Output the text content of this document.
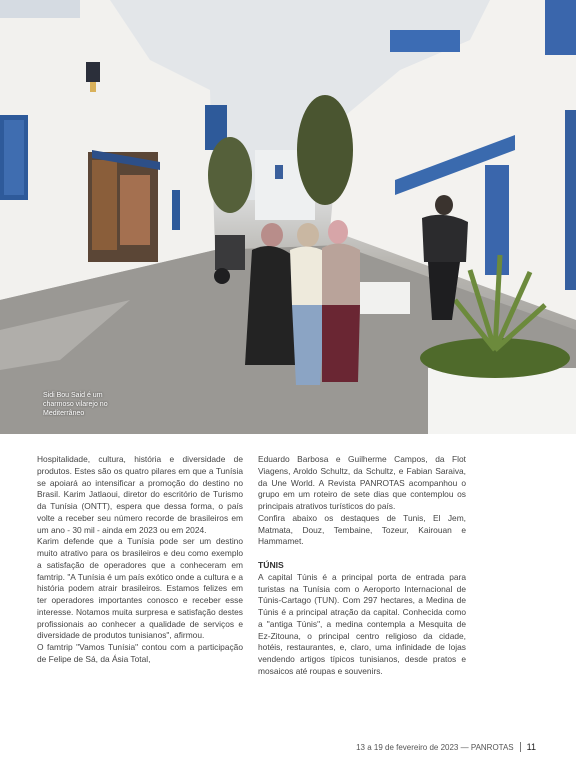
Sidi Bou Said é um charmoso vilarejo no Mediterrâneo

Hospitalidade, cultura, história e diversidade de produtos. Estes são os quatro pilares em que a Tunísia se apoiará ao intensificar a promoção do destino no Brasil. Karim Jatlaoui, diretor do escritório de Turismo da Tunísia (ONTT), espera que dessa forma, o país volte a receber seu número recorde de brasileiros em um ano - 30 mil - ainda em 2023 ou em 2024.

Karim defende que a Tunísia pode ser um destino muito atrativo para os brasileiros e deu como exemplo a satisfação de operadores que a conheceram em famtrip. "A Tunísia é um país exótico onde a cultura e a história podem atrair brasileiros. Estamos felizes em ter operadores importantes conosco e receber esse interesse. Notamos muita surpresa e satisfação destes profissionais ao conhecer a qualidade de serviços e diversidade de produtos tunisianos", afirmou.

O famtrip "Vamos Tunísia" contou com a participação de Felipe de Sá, da Ásia Total,

Eduardo Barbosa e Guilherme Campos, da Flot Viagens, Aroldo Schultz, da Schultz, e Fabian Saraiva, da Une World. A Revista PANROTAS acompanhou o grupo em um roteiro de sete dias que contemplou os principais atrativos turísticos do país.

Confira abaixo os destaques de Tunis, El Jem, Matmata, Douz, Tembaine, Tozeur, Kairouan e Hammamet.

TÚNIS

A capital Túnis é a principal porta de entrada para turistas na Tunísia com o Aeroporto Internacional de Túnis-Cartago (TUN). Com 297 hectares, a Medina de Túnis é a principal atração da capital. Conhecida como a "antiga Túnis", a medina contempla a Mesquita de Ez-Zitouna, o principal centro religioso da cidade, hotéis, restaurantes, e, claro, uma infinidade de lojas vendendo artigos típicos tunisianos, desde pratos e mosaicos até roupas e souvenirs.

13 a 19 de fevereiro de 2023 — PANROTAS 11
